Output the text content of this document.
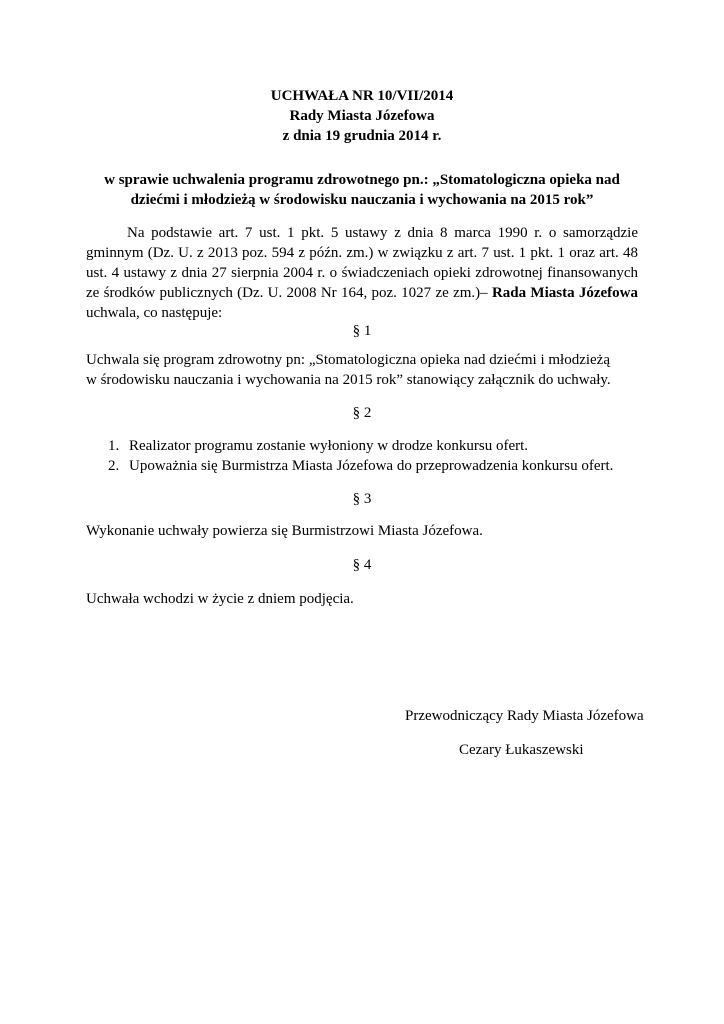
UCHWAŁA NR 10/VII/2014
Rady Miasta Józefowa
z dnia 19 grudnia 2014 r.
w sprawie uchwalenia programu zdrowotnego pn.: „Stomatologiczna opieka nad
dziećmi i młodzieżą w środowisku nauczania i wychowania na 2015 rok”
Na podstawie art. 7 ust. 1 pkt. 5 ustawy z dnia 8 marca 1990 r. o samorządzie gminnym (Dz. U. z 2013 poz. 594 z późn. zm.) w związku z art. 7 ust. 1 pkt. 1 oraz art. 48 ust. 4 ustawy z dnia 27 sierpnia 2004 r. o świadczeniach opieki zdrowotnej finansowanych ze środków publicznych (Dz. U. 2008 Nr 164, poz. 1027 ze zm.)– Rada Miasta Józefowa uchwala, co następuje:
§ 1
Uchwala się program zdrowotny pn: „Stomatologiczna opieka nad dziećmi i młodzieżą
w środowisku nauczania i wychowania na 2015 rok” stanowiący załącznik do uchwały.
§ 2
1. Realizator programu zostanie wyłoniony w drodze konkursu ofert.
2. Upoważnia się Burmistrza Miasta Józefowa do przeprowadzenia konkursu ofert.
§ 3
Wykonanie uchwały powierza się Burmistrzowi Miasta Józefowa.
§ 4
Uchwała wchodzi w życie z dniem podjęcia.
Przewodniczący Rady Miasta Józefowa
Cezary Łukaszewski
